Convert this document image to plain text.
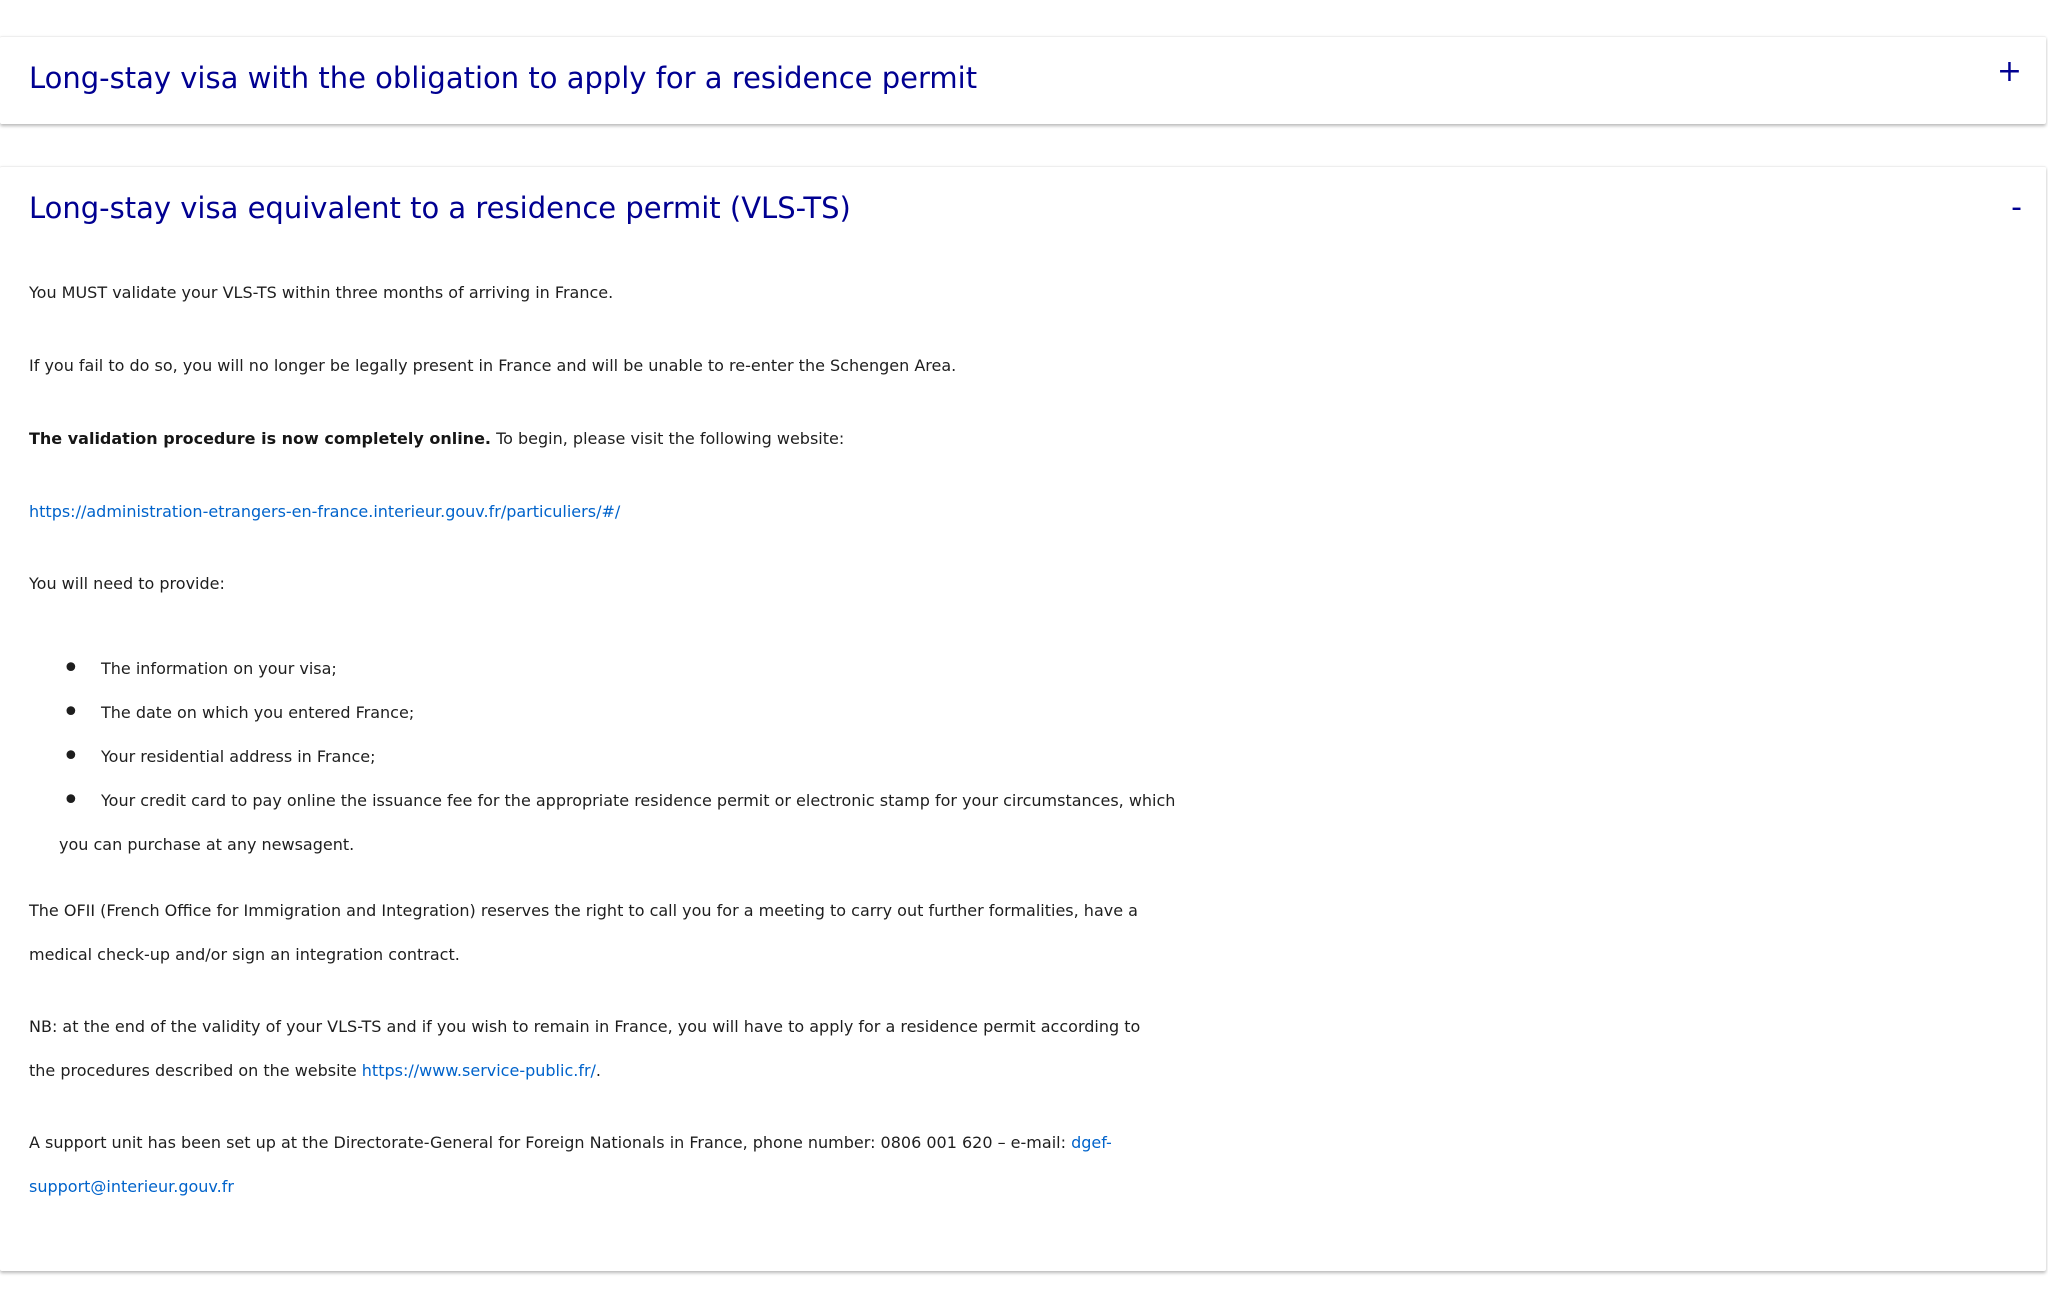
Long-stay visa with the obligation to apply for a residence permit	+
Long-stay visa equivalent to a residence permit (VLS-TS)	-

You MUST validate your VLS-TS within three months of arriving in France.

If you fail to do so, you will no longer be legally present in France and will be unable to re-enter the Schengen Area.

The validation procedure is now completely online. To begin, please visit the following website:

https://administration-etrangers-en-france.interieur.gouv.fr/particuliers/#/

You will need to provide:

• The information on your visa;
• The date on which you entered France;
• Your residential address in France;
• Your credit card to pay online the issuance fee for the appropriate residence permit or electronic stamp for your circumstances, which
you can purchase at any newsagent.
The OFII (French Office for Immigration and Integration) reserves the right to call you for a meeting to carry out further formalities, have a
medical check-up and/or sign an integration contract.
NB: at the end of the validity of your VLS-TS and if you wish to remain in France, you will have to apply for a residence permit according to
the procedures described on the website https://www.service-public.fr/.
A support unit has been set up at the Directorate-General for Foreign Nationals in France, phone number: 0806 001 620 – e-mail: dgef-
support@interieur.gouv.fr
